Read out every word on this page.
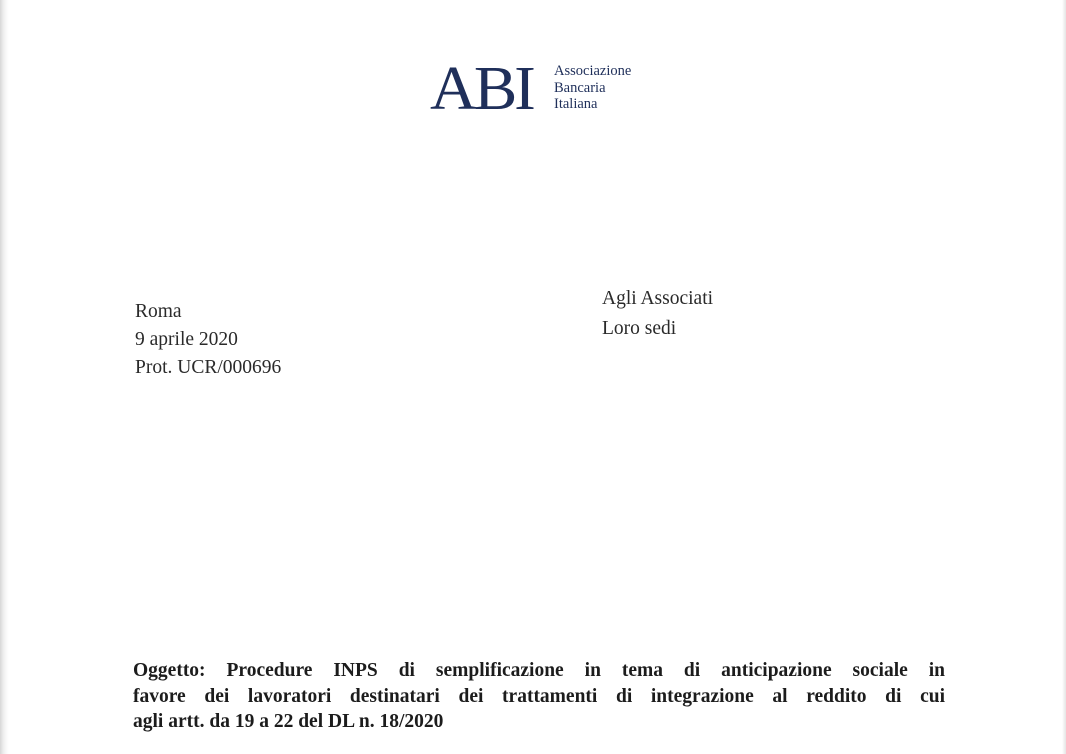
ABI Associazione
Bancaria
Italiana
Roma
9 aprile 2020
Prot. UCR/000696
Agli Associati
Loro sedi
Oggetto: Procedure INPS di semplificazione in tema di anticipazione sociale in
favore dei lavoratori destinatari dei trattamenti di integrazione al reddito di cui
agli artt. da 19 a 22 del DL n. 18/2020
